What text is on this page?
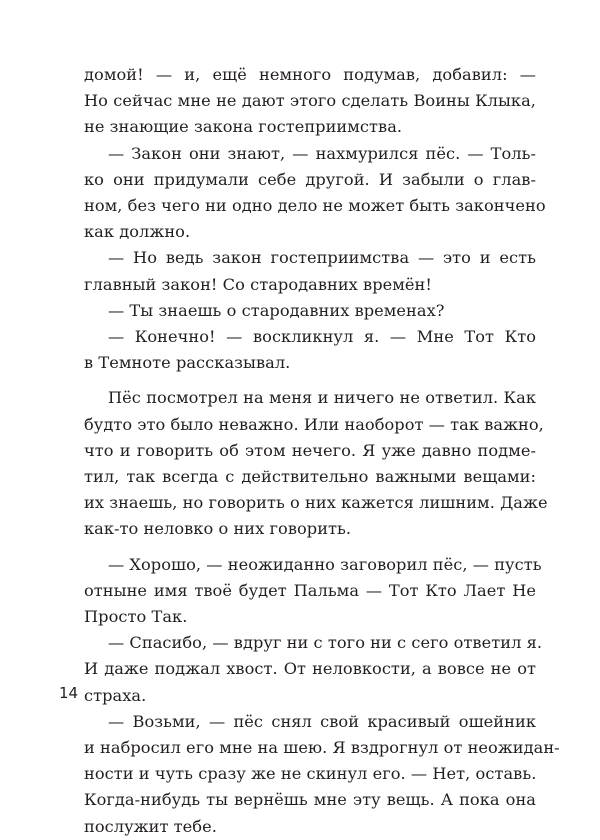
домой! — и, ещё немного подумав, добавил: —
Но сейчас мне не дают этого сделать Воины Клыка,
не знающие закона гостеприимства.

— Закон они знают, — нахмурился пёс. — Толь-
ко они придумали себе другой. И забыли о глав-
ном, без чего ни одно дело не может быть закончено
как должно.

— Но ведь закон гостеприимства — это и есть
главный закон! Со стародавних времён!

— Ты знаешь о стародавних временах?

— Конечно! — воскликнул я. — Мне Тот Кто
в Темноте рассказывал.

Пёс посмотрел на меня и ничего не ответил. Как
будто это было неважно. Или наоборот — так важно,
что и говорить об этом нечего. Я уже давно подме-
тил, так всегда с действительно важными вещами:
их знаешь, но говорить о них кажется лишним. Даже
как-то неловко о них говорить.

— Хорошо, — неожиданно заговорил пёс, — пусть
отныне имя твоё будет Пальма — Тот Кто Лает Не
Просто Так.

— Спасибо, — вдруг ни с того ни с сего ответил я.
И даже поджал хвост. От неловкости, а вовсе не от
страха.

— Возьми, — пёс снял свой красивый ошейник
и набросил его мне на шею. Я вздрогнул от неожидан-
ности и чуть сразу же не скинул его. — Нет, оставь.
Когда-нибудь ты вернёшь мне эту вещь. А пока она
послужит тебе.

14
